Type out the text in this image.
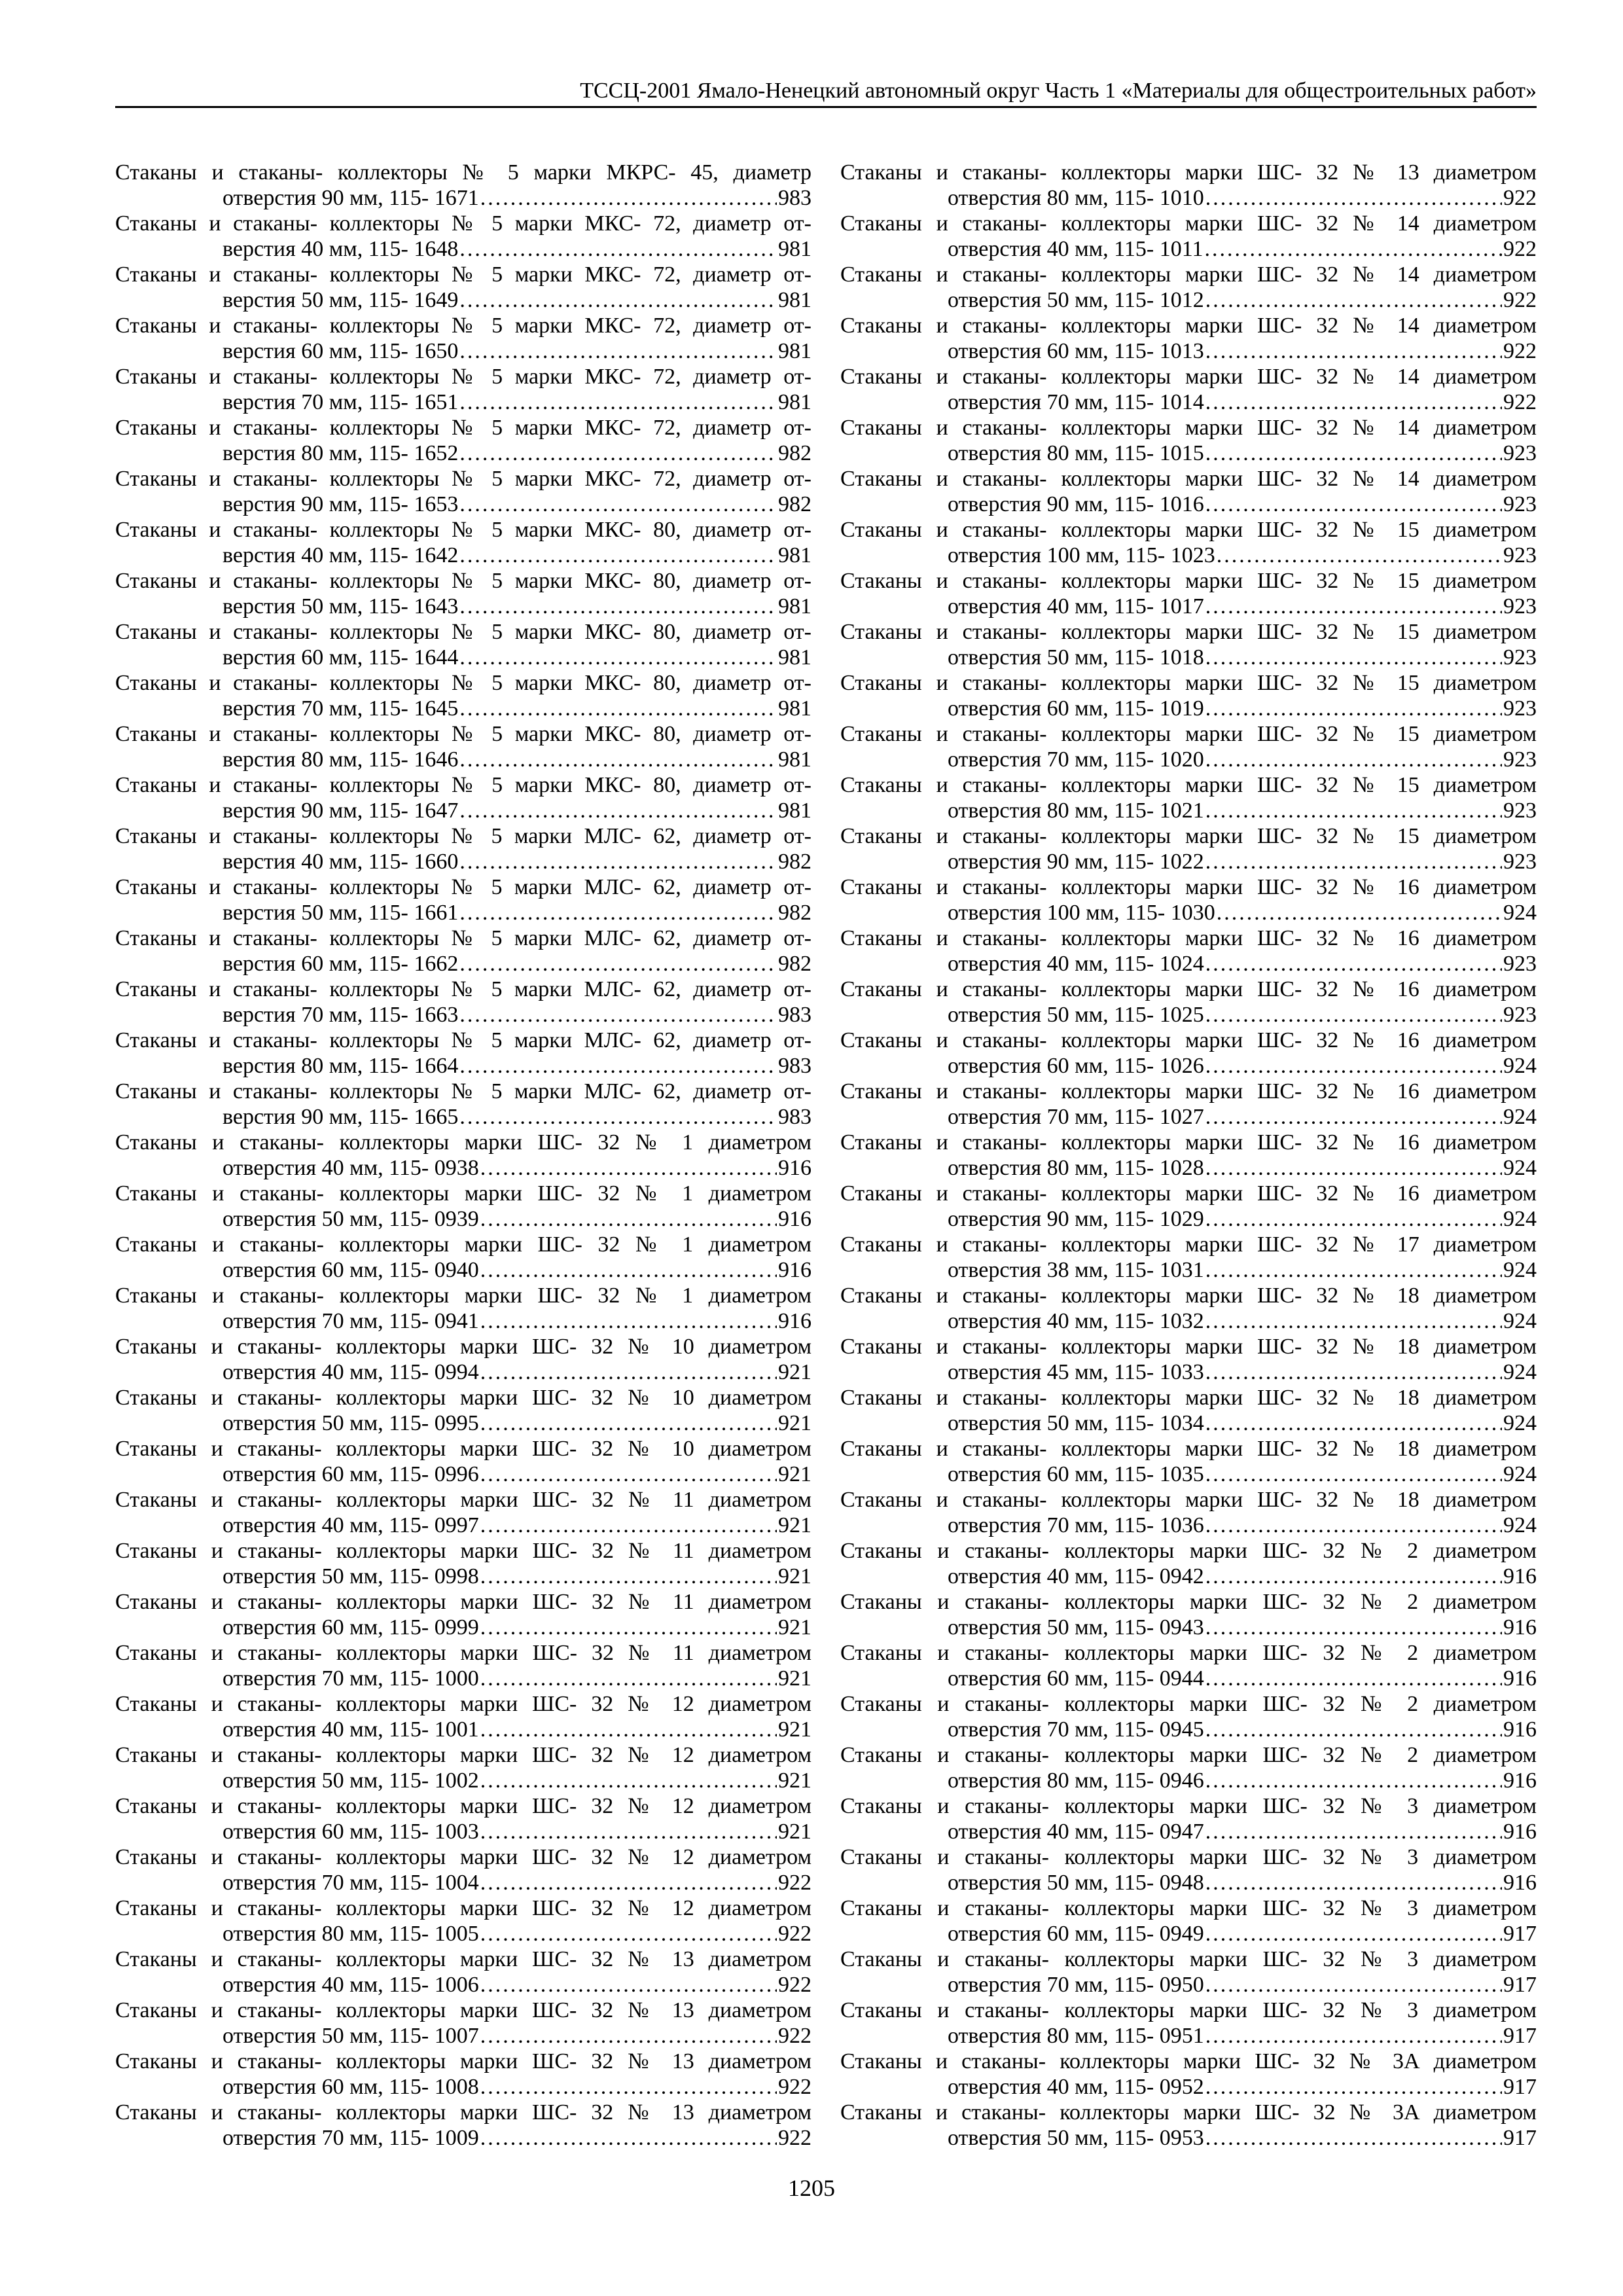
ТССЦ-2001 Ямало-Ненецкий автономный округ Часть 1 «Материалы для общестроительных работ»
Стаканы и стаканы- коллекторы № 5 марки МКРС- 45, диаметр
отверстия 90 мм, 115- 1671 .....	983
Стаканы и стаканы- коллекторы № 5 марки МКС- 72, диаметр от-
верстия 40 мм, 115- 1648 .....	981
Стаканы и стаканы- коллекторы № 5 марки МКС- 72, диаметр от-
верстия 50 мм, 115- 1649 .....	981
Стаканы и стаканы- коллекторы № 5 марки МКС- 72, диаметр от-
верстия 60 мм, 115- 1650 .....	981
Стаканы и стаканы- коллекторы № 5 марки МКС- 72, диаметр от-
верстия 70 мм, 115- 1651 .....	981
Стаканы и стаканы- коллекторы № 5 марки МКС- 72, диаметр от-
верстия 80 мм, 115- 1652 .....	982
Стаканы и стаканы- коллекторы № 5 марки МКС- 72, диаметр от-
верстия 90 мм, 115- 1653 .....	982
Стаканы и стаканы- коллекторы № 5 марки МКС- 80, диаметр от-
верстия 40 мм, 115- 1642 .....	981
Стаканы и стаканы- коллекторы № 5 марки МКС- 80, диаметр от-
верстия 50 мм, 115- 1643 .....	981
Стаканы и стаканы- коллекторы № 5 марки МКС- 80, диаметр от-
верстия 60 мм, 115- 1644 .....	981
Стаканы и стаканы- коллекторы № 5 марки МКС- 80, диаметр от-
верстия 70 мм, 115- 1645 .....	981
Стаканы и стаканы- коллекторы № 5 марки МКС- 80, диаметр от-
верстия 80 мм, 115- 1646 .....	981
Стаканы и стаканы- коллекторы № 5 марки МКС- 80, диаметр от-
верстия 90 мм, 115- 1647 .....	981
Стаканы и стаканы- коллекторы № 5 марки МЛС- 62, диаметр от-
верстия 40 мм, 115- 1660 .....	982
Стаканы и стаканы- коллекторы № 5 марки МЛС- 62, диаметр от-
верстия 50 мм, 115- 1661 .....	982
Стаканы и стаканы- коллекторы № 5 марки МЛС- 62, диаметр от-
верстия 60 мм, 115- 1662 .....	982
Стаканы и стаканы- коллекторы № 5 марки МЛС- 62, диаметр от-
верстия 70 мм, 115- 1663 .....	983
Стаканы и стаканы- коллекторы № 5 марки МЛС- 62, диаметр от-
верстия 80 мм, 115- 1664 .....	983
Стаканы и стаканы- коллекторы № 5 марки МЛС- 62, диаметр от-
верстия 90 мм, 115- 1665 .....	983
Стаканы и стаканы- коллекторы марки ШС- 32 № 1 диаметром
отверстия 40 мм, 115- 0938 .....	916
Стаканы и стаканы- коллекторы марки ШС- 32 № 1 диаметром
отверстия 50 мм, 115- 0939 .....	916
Стаканы и стаканы- коллекторы марки ШС- 32 № 1 диаметром
отверстия 60 мм, 115- 0940 .....	916
Стаканы и стаканы- коллекторы марки ШС- 32 № 1 диаметром
отверстия 70 мм, 115- 0941 .....	916
Стаканы и стаканы- коллекторы марки ШС- 32 № 10 диаметром
отверстия 40 мм, 115- 0994 .....	921
Стаканы и стаканы- коллекторы марки ШС- 32 № 10 диаметром
отверстия 50 мм, 115- 0995 .....	921
Стаканы и стаканы- коллекторы марки ШС- 32 № 10 диаметром
отверстия 60 мм, 115- 0996 .....	921
Стаканы и стаканы- коллекторы марки ШС- 32 № 11 диаметром
отверстия 40 мм, 115- 0997 .....	921
Стаканы и стаканы- коллекторы марки ШС- 32 № 11 диаметром
отверстия 50 мм, 115- 0998 .....	921
Стаканы и стаканы- коллекторы марки ШС- 32 № 11 диаметром
отверстия 60 мм, 115- 0999 .....	921
Стаканы и стаканы- коллекторы марки ШС- 32 № 11 диаметром
отверстия 70 мм, 115- 1000 .....	921
Стаканы и стаканы- коллекторы марки ШС- 32 № 12 диаметром
отверстия 40 мм, 115- 1001 .....	921
Стаканы и стаканы- коллекторы марки ШС- 32 № 12 диаметром
отверстия 50 мм, 115- 1002 .....	921
Стаканы и стаканы- коллекторы марки ШС- 32 № 12 диаметром
отверстия 60 мм, 115- 1003 .....	921
Стаканы и стаканы- коллекторы марки ШС- 32 № 12 диаметром
отверстия 70 мм, 115- 1004 .....	922
Стаканы и стаканы- коллекторы марки ШС- 32 № 12 диаметром
отверстия 80 мм, 115- 1005 .....	922
Стаканы и стаканы- коллекторы марки ШС- 32 № 13 диаметром
отверстия 40 мм, 115- 1006 .....	922
Стаканы и стаканы- коллекторы марки ШС- 32 № 13 диаметром
отверстия 50 мм, 115- 1007 .....	922
Стаканы и стаканы- коллекторы марки ШС- 32 № 13 диаметром
отверстия 60 мм, 115- 1008 .....	922
Стаканы и стаканы- коллекторы марки ШС- 32 № 13 диаметром
отверстия 70 мм, 115- 1009 .....	922
Стаканы и стаканы- коллекторы марки ШС- 32 № 13 диаметром
отверстия 80 мм, 115- 1010 .....	922
Стаканы и стаканы- коллекторы марки ШС- 32 № 14 диаметром
отверстия 40 мм, 115- 1011 .....	922
Стаканы и стаканы- коллекторы марки ШС- 32 № 14 диаметром
отверстия 50 мм, 115- 1012 .....	922
Стаканы и стаканы- коллекторы марки ШС- 32 № 14 диаметром
отверстия 60 мм, 115- 1013 .....	922
Стаканы и стаканы- коллекторы марки ШС- 32 № 14 диаметром
отверстия 70 мм, 115- 1014 .....	922
Стаканы и стаканы- коллекторы марки ШС- 32 № 14 диаметром
отверстия 80 мм, 115- 1015 .....	923
Стаканы и стаканы- коллекторы марки ШС- 32 № 14 диаметром
отверстия 90 мм, 115- 1016 .....	923
Стаканы и стаканы- коллекторы марки ШС- 32 № 15 диаметром
отверстия 100 мм, 115- 1023 .....	923
Стаканы и стаканы- коллекторы марки ШС- 32 № 15 диаметром
отверстия 40 мм, 115- 1017 .....	923
Стаканы и стаканы- коллекторы марки ШС- 32 № 15 диаметром
отверстия 50 мм, 115- 1018 .....	923
Стаканы и стаканы- коллекторы марки ШС- 32 № 15 диаметром
отверстия 60 мм, 115- 1019 .....	923
Стаканы и стаканы- коллекторы марки ШС- 32 № 15 диаметром
отверстия 70 мм, 115- 1020 .....	923
Стаканы и стаканы- коллекторы марки ШС- 32 № 15 диаметром
отверстия 80 мм, 115- 1021 .....	923
Стаканы и стаканы- коллекторы марки ШС- 32 № 15 диаметром
отверстия 90 мм, 115- 1022 .....	923
Стаканы и стаканы- коллекторы марки ШС- 32 № 16 диаметром
отверстия 100 мм, 115- 1030 .....	924
Стаканы и стаканы- коллекторы марки ШС- 32 № 16 диаметром
отверстия 40 мм, 115- 1024 .....	923
Стаканы и стаканы- коллекторы марки ШС- 32 № 16 диаметром
отверстия 50 мм, 115- 1025 .....	923
Стаканы и стаканы- коллекторы марки ШС- 32 № 16 диаметром
отверстия 60 мм, 115- 1026 .....	924
Стаканы и стаканы- коллекторы марки ШС- 32 № 16 диаметром
отверстия 70 мм, 115- 1027 .....	924
Стаканы и стаканы- коллекторы марки ШС- 32 № 16 диаметром
отверстия 80 мм, 115- 1028 .....	924
Стаканы и стаканы- коллекторы марки ШС- 32 № 16 диаметром
отверстия 90 мм, 115- 1029 .....	924
Стаканы и стаканы- коллекторы марки ШС- 32 № 17 диаметром
отверстия 38 мм, 115- 1031 .....	924
Стаканы и стаканы- коллекторы марки ШС- 32 № 18 диаметром
отверстия 40 мм, 115- 1032 .....	924
Стаканы и стаканы- коллекторы марки ШС- 32 № 18 диаметром
отверстия 45 мм, 115- 1033 .....	924
Стаканы и стаканы- коллекторы марки ШС- 32 № 18 диаметром
отверстия 50 мм, 115- 1034 .....	924
Стаканы и стаканы- коллекторы марки ШС- 32 № 18 диаметром
отверстия 60 мм, 115- 1035 .....	924
Стаканы и стаканы- коллекторы марки ШС- 32 № 18 диаметром
отверстия 70 мм, 115- 1036 .....	924
Стаканы и стаканы- коллекторы марки ШС- 32 № 2 диаметром
отверстия 40 мм, 115- 0942 .....	916
Стаканы и стаканы- коллекторы марки ШС- 32 № 2 диаметром
отверстия 50 мм, 115- 0943 .....	916
Стаканы и стаканы- коллекторы марки ШС- 32 № 2 диаметром
отверстия 60 мм, 115- 0944 .....	916
Стаканы и стаканы- коллекторы марки ШС- 32 № 2 диаметром
отверстия 70 мм, 115- 0945 .....	916
Стаканы и стаканы- коллекторы марки ШС- 32 № 2 диаметром
отверстия 80 мм, 115- 0946 .....	916
Стаканы и стаканы- коллекторы марки ШС- 32 № 3 диаметром
отверстия 40 мм, 115- 0947 .....	916
Стаканы и стаканы- коллекторы марки ШС- 32 № 3 диаметром
отверстия 50 мм, 115- 0948 .....	916
Стаканы и стаканы- коллекторы марки ШС- 32 № 3 диаметром
отверстия 60 мм, 115- 0949 .....	917
Стаканы и стаканы- коллекторы марки ШС- 32 № 3 диаметром
отверстия 70 мм, 115- 0950 .....	917
Стаканы и стаканы- коллекторы марки ШС- 32 № 3 диаметром
отверстия 80 мм, 115- 0951 .....	917
Стаканы и стаканы- коллекторы марки ШС- 32 № 3А диаметром
отверстия 40 мм, 115- 0952 .....	917
Стаканы и стаканы- коллекторы марки ШС- 32 № 3А диаметром
отверстия 50 мм, 115- 0953 .....	917
1205
